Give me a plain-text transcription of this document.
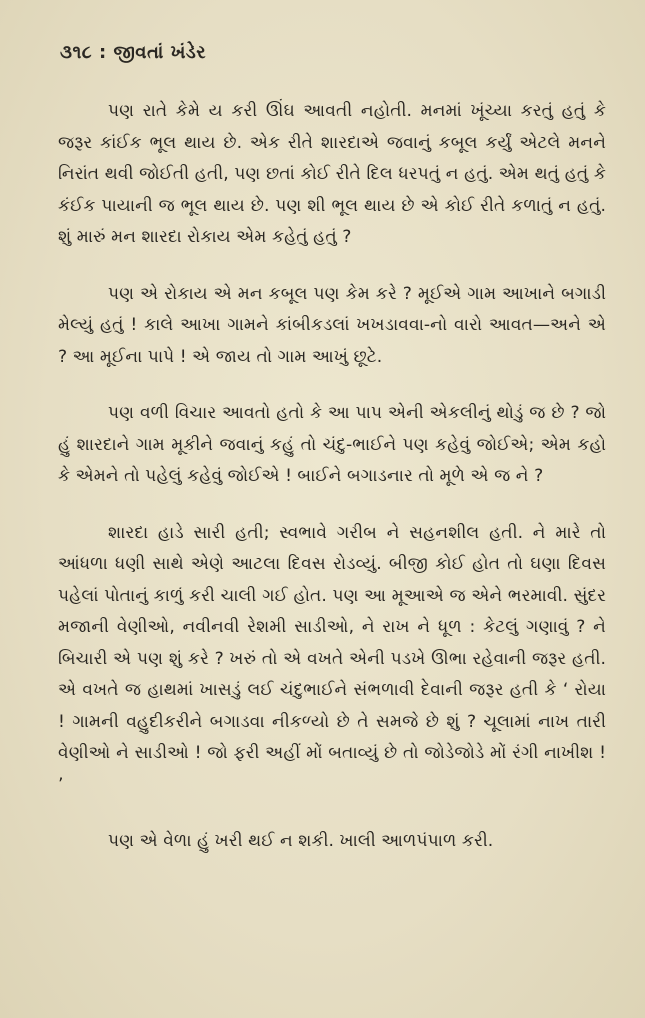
૩૧૮ : જીવતાં ખંડેર

પણ રાતે કેમે ય કરી ઊંઘ આવતી નહોતી. મનમાં ખૂંચ્યા કરતું હતું કે જરૂર કાંઈક ભૂલ થાય છે. એક રીતે શારદાએ જવાનું કબૂલ કર્યું એટલે મનને નિરાંત થવી જોઈતી હતી, પણ છતાં કોઈ રીતે દિલ ધરપતું ન હતું. એમ થતું હતું કે કંઈક પાયાની જ ભૂલ થાય છે. પણ શી ભૂલ થાય છે એ કોઈ રીતે કળાતું ન હતું. શું મારું મન શારદા રોકાય એમ કહેતું હતું ?

પણ એ રોકાય એ મન કબૂલ પણ કેમ કરે ? મૂઈએ ગામ આખાને બગાડી મેલ્યું હતું ! કાલે આખા ગામને કાંબીકડલાં ખખડાવવા-નો વારો આવત—અને એ ? આ મૂઈના પાપે ! એ જાય તો ગામ આખું છૂટે.

પણ વળી વિચાર આવતો હતો કે આ પાપ એની એકલીનું થોડું જ છે ? જો હું શારદાને ગામ મૂકીને જવાનું કહું તો ચંદુ-ભાઈને પણ કહેવું જોઈએ; એમ કહો કે એમને તો પહેલું કહેવું જોઈએ ! બાઈને બગાડનાર તો મૂળે એ જ ને ?

શારદા હાડે સારી હતી; સ્વભાવે ગરીબ ને સહનશીલ હતી. ને મારે તો આંધળા ધણી સાથે એણે આટલા દિવસ રોડવ્યું. બીજી કોઈ હોત તો ઘણા દિવસ પહેલાં પોતાનું કાળું કરી ચાલી ગઈ હોત. પણ આ મૂઆએ જ એને ભરમાવી. સુંદર મજાની વેણીઓ, નવીનવી રેશમી સાડીઓ, ને રાખ ને ધૂળ : કેટલું ગણાવું ? ને બિચારી એ પણ શું કરે ? ખરું તો એ વખતે એની પડખે ઊભા રહેવાની જરૂર હતી. એ વખતે જ હાથમાં ખાસડું લઈ ચંદુભાઈને સંભળાવી દેવાની જરૂર હતી કે ‘ રોયા ! ગામની વહુદીકરીને બગાડવા નીકળ્યો છે તે સમજે છે શું ? ચૂલામાં નાખ તારી વેણીઓ ને સાડીઓ ! જો ફરી અહીં મોં બતાવ્યું છે તો જોડેજોડે મોં રંગી નાખીશ ! ’

પણ એ વેળા હું ખરી થઈ ન શકી. ખાલી આળપંપાળ કરી.
